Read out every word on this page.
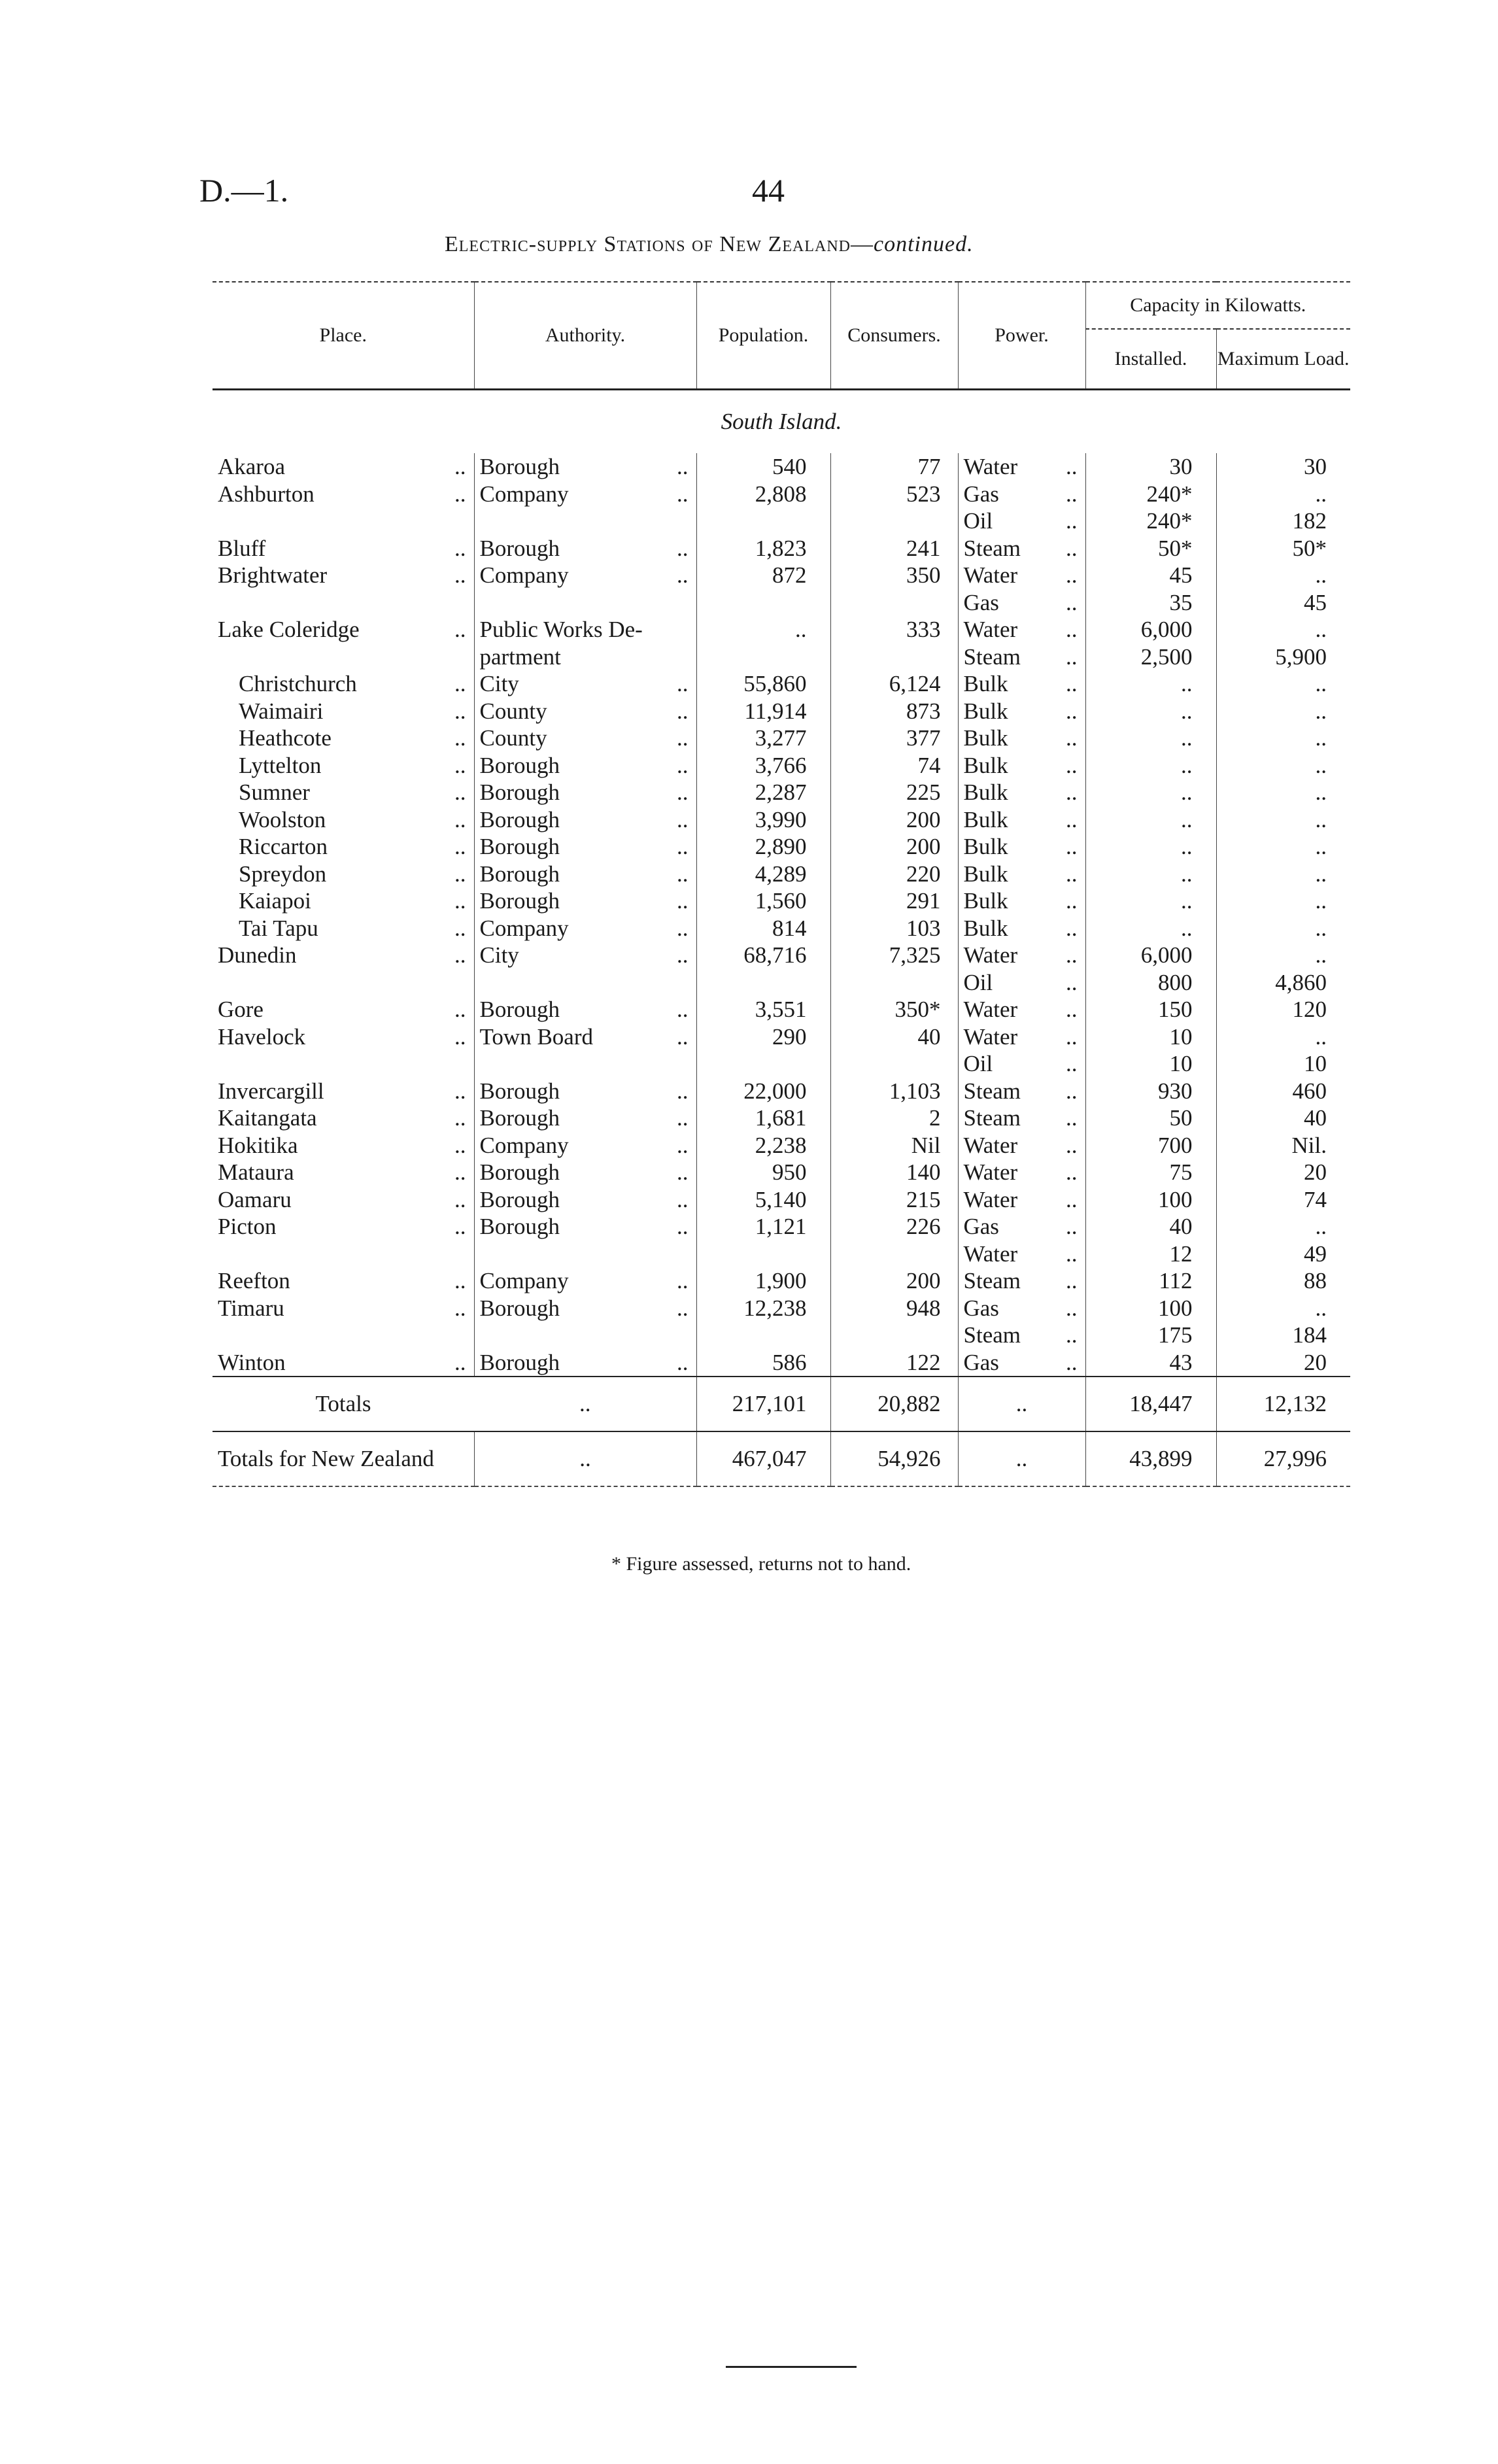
D.—1.	44
Electric-supply Stations of New Zealand—continued.
Place.	Authority.	Population.	Consumers.	Power.	Capacity in Kilowatts.	
					Installed.	Maximum Load.
South Island.						
Akaroa ..	Borough ..	540	77	Water ..	30	30
Ashburton ..	Company ..	2,808	523	Gas ..	240*	..
				Oil ..	240*	182
Bluff ..	Borough ..	1,823	241	Steam ..	50*	50*
Brightwater ..	Company ..	872	350	Water ..	45	..
				Gas ..	35	45
Lake Coleridge ..	Public Works De-	..	333	Water ..	6,000	..
	partment			Steam ..	2,500	5,900
Christchurch ..	City ..	55,860	6,124	Bulk ..	..	..
Waimairi ..	County ..	11,914	873	Bulk ..	..	..
Heathcote ..	County ..	3,277	377	Bulk ..	..	..
Lyttelton ..	Borough ..	3,766	74	Bulk ..	..	..
Sumner ..	Borough ..	2,287	225	Bulk ..	..	..
Woolston ..	Borough ..	3,990	200	Bulk ..	..	..
Riccarton ..	Borough ..	2,890	200	Bulk ..	..	..
Spreydon ..	Borough ..	4,289	220	Bulk ..	..	..
Kaiapoi ..	Borough ..	1,560	291	Bulk ..	..	..
Tai Tapu ..	Company ..	814	103	Bulk ..	..	..
Dunedin ..	City ..	68,716	7,325	Water ..	6,000	..
				Oil ..	800	4,860
Gore ..	Borough ..	3,551	350*	Water ..	150	120
Havelock ..	Town Board ..	290	40	Water ..	10	..
				Oil ..	10	10
Invercargill ..	Borough ..	22,000	1,103	Steam ..	930	460
Kaitangata ..	Borough ..	1,681	2	Steam ..	50	40
Hokitika ..	Company ..	2,238	Nil	Water ..	700	Nil.
Mataura ..	Borough ..	950	140	Water ..	75	20
Oamaru ..	Borough ..	5,140	215	Water ..	100	74
Picton ..	Borough ..	1,121	226	Gas ..	40	..
				Water ..	12	49
Reefton ..	Company ..	1,900	200	Steam ..	112	88
Timaru ..	Borough ..	12,238	948	Gas ..	100	..
				Steam ..	175	184
Winton ..	Borough ..	586	122	Gas ..	43	20
Totals	..	217,101	20,882	..	18,447	12,132
Totals for New Zealand	..	467,047	54,926	..	43,899	27,996
* Figure assessed, returns not to hand.
